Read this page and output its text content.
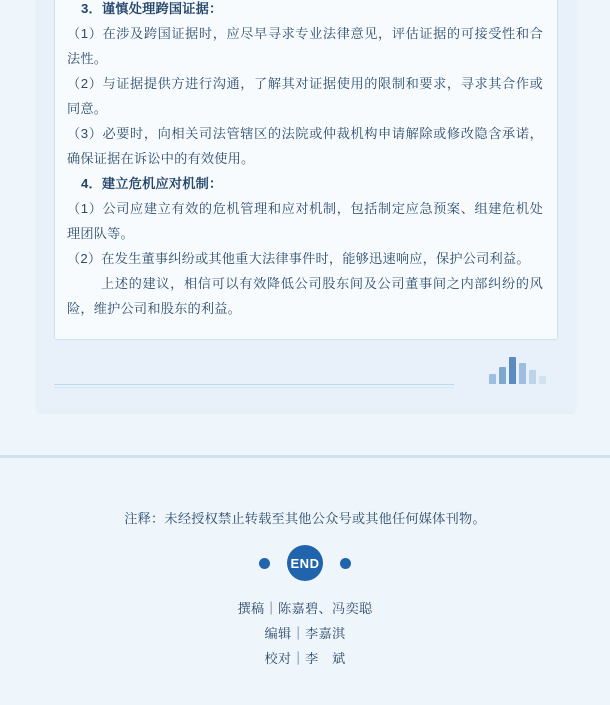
3．谨慎处理跨国证据：

（1）在涉及跨国证据时，应尽早寻求专业法律意见，评估证据的可接受性和合法性。

（2）与证据提供方进行沟通，了解其对证据使用的限制和要求，寻求其合作或同意。

（3）必要时，向相关司法管辖区的法院或仲裁机构申请解除或修改隐含承诺，确保证据在诉讼中的有效使用。

4．建立危机应对机制：

（1）公司应建立有效的危机管理和应对机制，包括制定应急预案、组建危机处理团队等。

（2）在发生董事纠纷或其他重大法律事件时，能够迅速响应，保护公司利益。

上述的建议，相信可以有效降低公司股东间及公司董事间之内部纠纷的风险，维护公司和股东的利益。

注释：未经授权禁止转载至其他公众号或其他任何媒体刊物。
END
撰稿｜陈嘉碧、冯奕聪
编辑｜李嘉淇
校对｜李　斌
